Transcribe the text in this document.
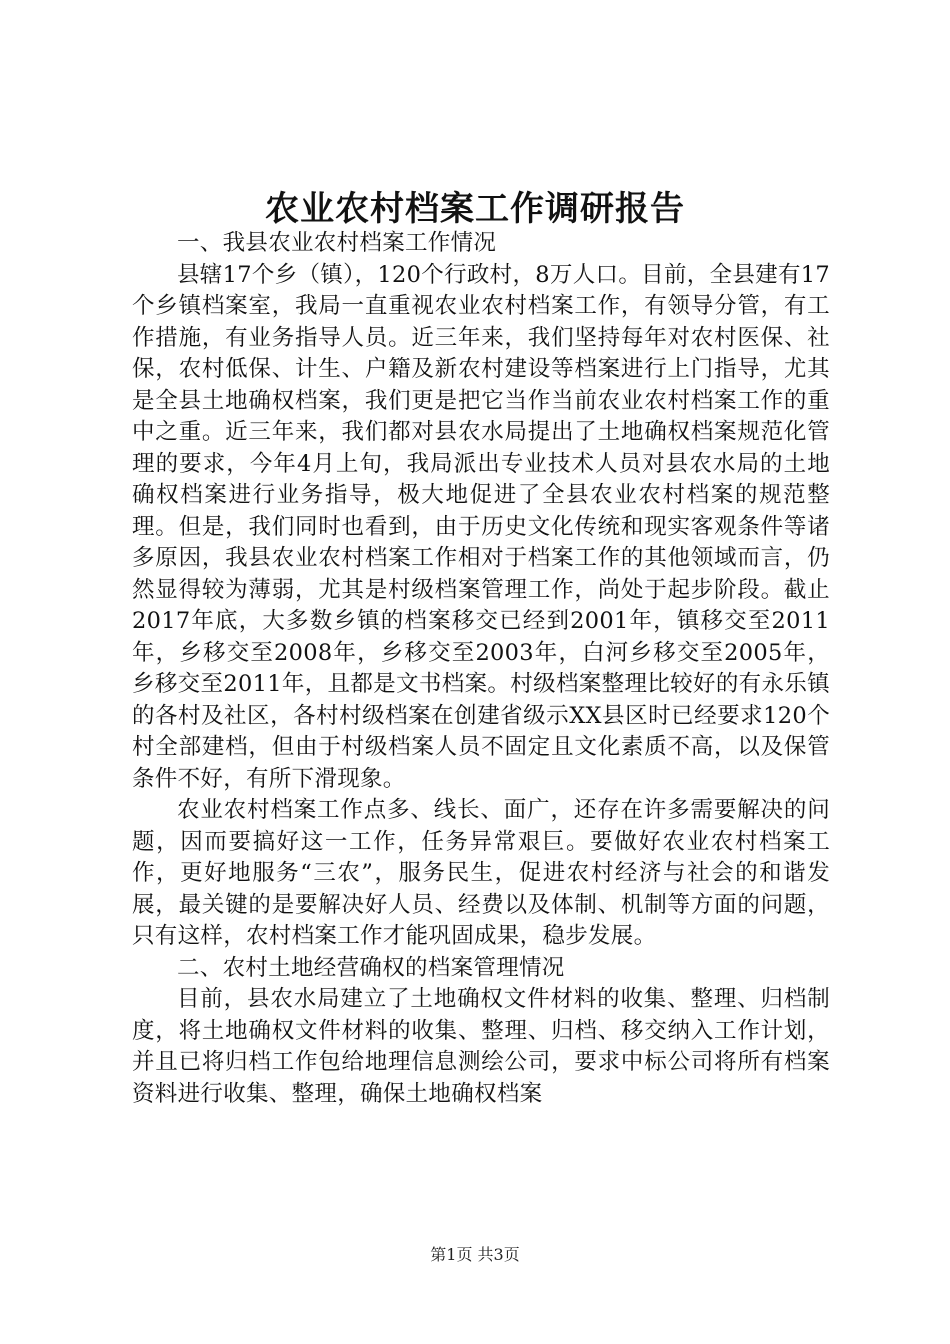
农业农村档案工作调研报告

一、我县农业农村档案工作情况

县辖17个乡（镇），120个行政村，8万人口。目前，全县建有17个乡镇档案室，我局一直重视农业农村档案工作，有领导分管，有工作措施，有业务指导人员。近三年来，我们坚持每年对农村医保、社保，农村低保、计生、户籍及新农村建设等档案进行上门指导，尤其是全县土地确权档案，我们更是把它当作当前农业农村档案工作的重中之重。近三年来，我们都对县农水局提出了土地确权档案规范化管理的要求，今年4月上旬，我局派出专业技术人员对县农水局的土地确权档案进行业务指导，极大地促进了全县农业农村档案的规范整理。但是，我们同时也看到，由于历史文化传统和现实客观条件等诸多原因，我县农业农村档案工作相对于档案工作的其他领域而言，仍然显得较为薄弱，尤其是村级档案管理工作，尚处于起步阶段。截止2017年底，大多数乡镇的档案移交已经到2001年，镇移交至2011年，乡移交至2008年，乡移交至2003年，白河乡移交至2005年，乡移交至2011年，且都是文书档案。村级档案整理比较好的有永乐镇的各村及社区，各村村级档案在创建省级示XX县区时已经要求120个村全部建档，但由于村级档案人员不固定且文化素质不高，以及保管条件不好，有所下滑现象。

农业农村档案工作点多、线长、面广，还存在许多需要解决的问题，因而要搞好这一工作，任务异常艰巨。要做好农业农村档案工作，更好地服务“三农”，服务民生，促进农村经济与社会的和谐发展，最关键的是要解决好人员、经费以及体制、机制等方面的问题，只有这样，农村档案工作才能巩固成果，稳步发展。

二、农村土地经营确权的档案管理情况

目前，县农水局建立了土地确权文件材料的收集、整理、归档制度，将土地确权文件材料的收集、整理、归档、移交纳入工作计划，并且已将归档工作包给地理信息测绘公司，要求中标公司将所有档案资料进行收集、整理，确保土地确权档案

第1页 共3页
